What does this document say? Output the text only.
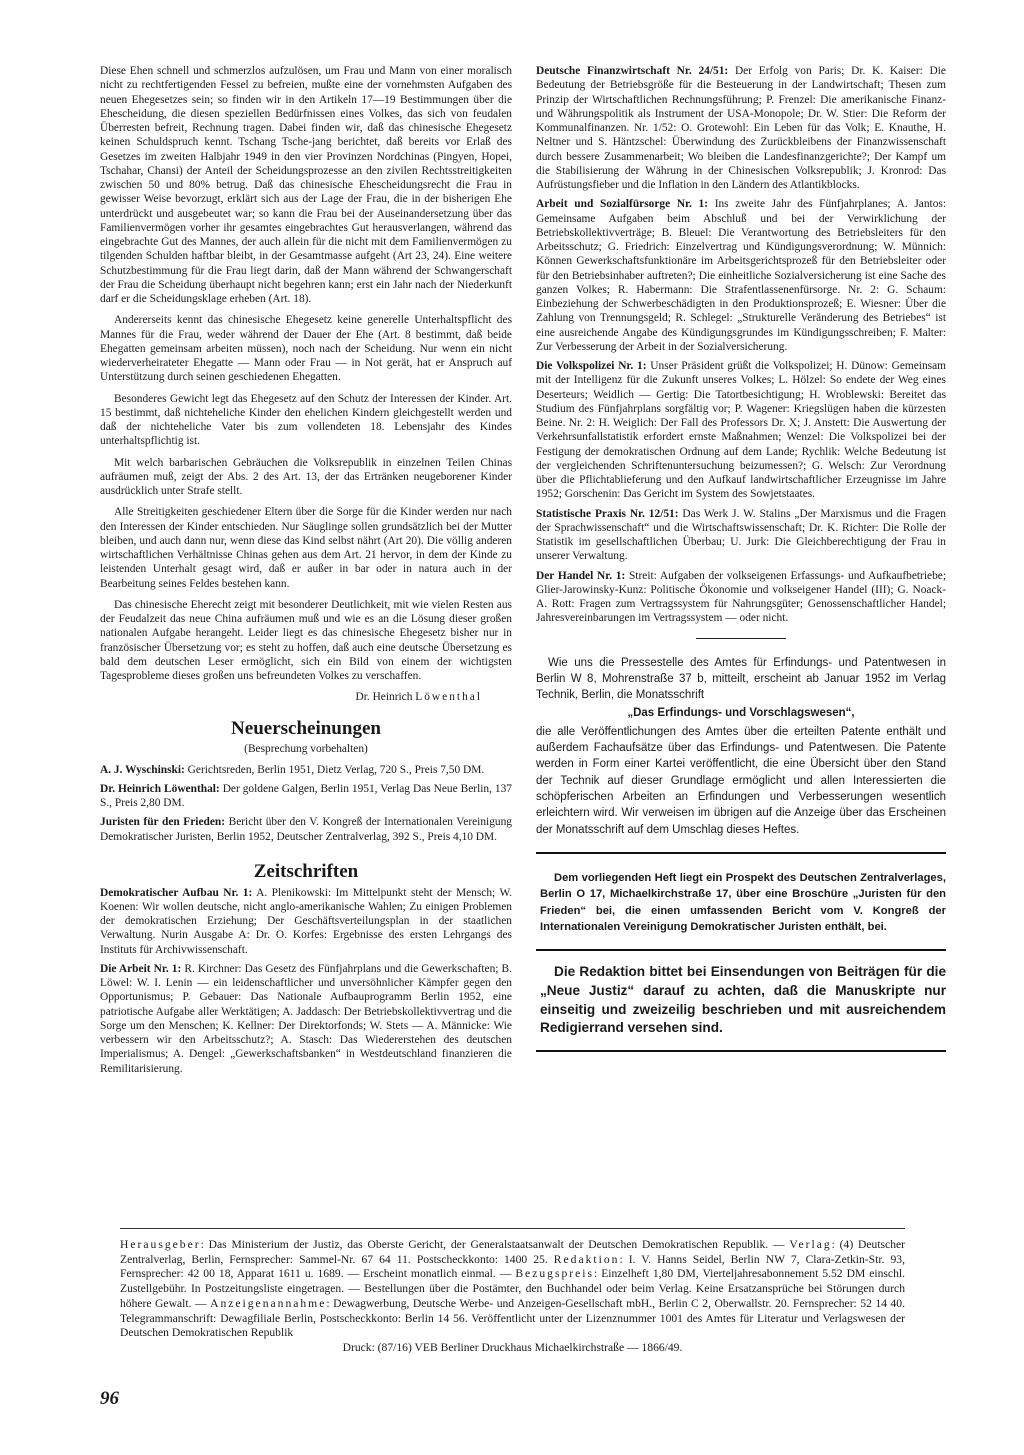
Diese Ehen schnell und schmerzlos aufzulösen, um Frau und Mann von einer moralisch nicht zu rechtfertigenden Fessel zu befreien, mußte eine der vornehmsten Aufgaben des neuen Ehegesetzes sein; so finden wir in den Artikeln 17—19 Bestimmungen über die Ehescheidung, die diesen speziellen Bedürfnissen eines Volkes, das sich von feudalen Überresten befreit, Rechnung tragen. Dabei finden wir, daß das chinesische Ehegesetz keinen Schuldspruch kennt. Tschang Tsche-jang berichtet, daß bereits vor Erlaß des Gesetzes im zweiten Halbjahr 1949 in den vier Provinzen Nordchinas (Pingyen, Hopei, Tschahar, Chansi) der Anteil der Scheidungsprozesse an den zivilen Rechtsstreitigkeiten zwischen 50 und 80% betrug. Daß das chinesische Ehescheidungsrecht die Frau in gewisser Weise bevorzugt, erklärt sich aus der Lage der Frau, die in der bisherigen Ehe unterdrückt und ausgebeutet war; so kann die Frau bei der Auseinandersetzung über das Familienvermögen vorher ihr gesamtes eingebrachtes Gut herausverlangen, während das eingebrachte Gut des Mannes, der auch allein für die nicht mit dem Familienvermögen zu tilgenden Schulden haftbar bleibt, in der Gesamtmasse aufgeht (Art 23, 24). Eine weitere Schutzbestimmung für die Frau liegt darin, daß der Mann während der Schwangerschaft der Frau die Scheidung überhaupt nicht begehren kann; erst ein Jahr nach der Niederkunft darf er die Scheidungsklage erheben (Art. 18).

Andererseits kennt das chinesische Ehegesetz keine generelle Unterhaltspflicht des Mannes für die Frau, weder während der Dauer der Ehe (Art. 8 bestimmt, daß beide Ehegatten gemeinsam arbeiten müssen), noch nach der Scheidung. Nur wenn ein nicht wiederverheirateter Ehegatte — Mann oder Frau — in Not gerät, hat er Anspruch auf Unterstützung durch seinen geschiedenen Ehegatten.

Besonderes Gewicht legt das Ehegesetz auf den Schutz der Interessen der Kinder. Art. 15 bestimmt, daß nichteheliche Kinder den ehelichen Kindern gleichgestellt werden und daß der nichteheliche Vater bis zum vollendeten 18. Lebensjahr des Kindes unterhaltspflichtig ist.

Mit welch barbarischen Gebräuchen die Volksrepublik in einzelnen Teilen Chinas aufräumen muß, zeigt der Abs. 2 des Art. 13, der das Ertränken neugeborener Kinder ausdrücklich unter Strafe stellt.

Alle Streitigkeiten geschiedener Eltern über die Sorge für die Kinder werden nur nach den Interessen der Kinder entschieden. Nur Säuglinge sollen grundsätzlich bei der Mutter bleiben, und auch dann nur, wenn diese das Kind selbst nährt (Art 20). Die völlig anderen wirtschaftlichen Verhältnisse Chinas gehen aus dem Art. 21 hervor, in dem der Kinde zu leistenden Unterhalt gesagt wird, daß er außer in bar oder in natura auch in der Bearbeitung seines Feldes bestehen kann.

Das chinesische Eherecht zeigt mit besonderer Deutlichkeit, mit wie vielen Resten aus der Feudalzeit das neue China aufräumen muß und wie es an die Lösung dieser großen nationalen Aufgabe herangeht. Leider liegt es das chinesische Ehegesetz bisher nur in französischer Übersetzung vor; es steht zu hoffen, daß auch eine deutsche Übersetzung es bald dem deutschen Leser ermöglicht, sich ein Bild von einem der wichtigsten Tagesprobleme dieses großen uns befreundeten Volkes zu verschaffen.

Dr. Heinrich Löwenthal
Neuerscheinungen
(Besprechung vorbehalten)
A. J. Wyschinski: Gerichtsreden, Berlin 1951, Dietz Verlag, 720 S., Preis 7,50 DM.
Dr. Heinrich Löwenthal: Der goldene Galgen, Berlin 1951, Verlag Das Neue Berlin, 137 S., Preis 2,80 DM.
Juristen für den Frieden: Bericht über den V. Kongreß der Internationalen Vereinigung Demokratischer Juristen, Berlin 1952, Deutscher Zentralverlag, 392 S., Preis 4,10 DM.
Zeitschriften
Demokratischer Aufbau Nr. 1: A. Plenikowski: Im Mittelpunkt steht der Mensch; W. Koenen: Wir wollen deutsche, nicht anglo-amerikanische Wahlen; Zu einigen Problemen der demokratischen Erziehung; Der Geschäftsverteilungsplan in der staatlichen Verwaltung. Nurin Ausgabe A: Dr. O. Korfes: Ergebnisse des ersten Lehrgangs des Instituts für Archivwissenschaft.
Die Arbeit Nr. 1: R. Kirchner: Das Gesetz des Fünfjahrplans und die Gewerkschaften; B. Löwel: W. I. Lenin — ein leidenschaftlicher und unversöhnlicher Kämpfer gegen den Opportunismus; P. Gebauer: Das Nationale Aufbauprogramm Berlin 1952, eine patriotische Aufgabe aller Werktätigen; A. Jaddasch: Der Betriebskollektivvertrag und die Sorge um den Menschen; K. Kellner: Der Direktorfonds; W. Stets — A. Männicke: Wie verbessern wir den Arbeitsschutz?; A. Stasch: Das Wiedererstehen des deutschen Imperialismus; A. Dengel: „Gewerkschaftsbanken“ in Westdeutschland finanzieren die Remilitarisierung.
Deutsche Finanzwirtschaft Nr. 24/51: Der Erfolg von Paris; Dr. K. Kaiser: Die Bedeutung der Betriebsgröße für die Besteuerung in der Landwirtschaft; Thesen zum Prinzip der Wirtschaftlichen Rechnungsführung; P. Frenzel: Die amerikanische Finanz- und Währungspolitik als Instrument der USA-Monopole; Dr. W. Stier: Die Reform der Kommunalfinanzen. Nr. 1/52: O. Grotewohl: Ein Leben für das Volk; E. Knauthe, H. Neltner und S. Häntzschel: Überwindung des Zurückbleibens der Finanzwissenschaft durch bessere Zusammenarbeit; Wo bleiben die Landesfinanzgerichte?; Der Kampf um die Stabilisierung der Währung in der Chinesischen Volksrepublik; J. Kronrod: Das Aufrüstungsfieber und die Inflation in den Ländern des Atlantikblocks.
Arbeit und Sozialfürsorge Nr. 1: Ins zweite Jahr des Fünfjahrplanes; A. Jantos: Gemeinsame Aufgaben beim Abschluß und bei der Verwirklichung der Betriebskollektivverträge; B. Bleuel: Die Verantwortung des Betriebsleiters für den Arbeitsschutz; G. Friedrich: Einzelvertrag und Kündigungsverordnung; W. Münnich: Können Gewerkschaftsfunktionäre im Arbeitsgerichtsprozeß für den Betriebsleiter oder für den Betriebsinhaber auftreten?; Die einheitliche Sozialversicherung ist eine Sache des ganzen Volkes; R. Habermann: Die Strafentlassenenfürsorge. Nr. 2: G. Schaum: Einbeziehung der Schwerbeschädigten in den Produktionsprozeß; E. Wiesner: Über die Zahlung von Trennungsgeld; R. Schlegel: „Strukturelle Veränderung des Betriebes“ ist eine ausreichende Angabe des Kündigungsgrundes im Kündigungsschreiben; F. Malter: Zur Verbesserung der Arbeit in der Sozialversicherung.
Die Volkspolizei Nr. 1: Unser Präsident grüßt die Volkspolizei; H. Dünow: Gemeinsam mit der Intelligenz für die Zukunft unseres Volkes; L. Hölzel: So endete der Weg eines Deserteurs; Weidlich — Gertig: Die Tatortbesichtigung; H. Wroblewski: Bereitet das Studium des Fünfjahrplans sorgfältig vor; P. Wagener: Kriegslügen haben die kürzesten Beine. Nr. 2: H. Weiglich: Der Fall des Professors Dr. X; J. Anstett: Die Auswertung der Verkehrsunfallstatistik erfordert ernste Maßnahmen; Wenzel: Die Volkspolizei bei der Festigung der demokratischen Ordnung auf dem Lande; Rychlik: Welche Bedeutung ist der vergleichenden Schriftenuntersuchung beizumessen?; G. Welsch: Zur Verordnung über die Pflichtablieferung und den Aufkauf landwirtschaftlicher Erzeugnisse im Jahre 1952; Gorschenin: Das Gericht im System des Sowjetstaates.
Statistische Praxis Nr. 12/51: Das Werk J. W. Stalins „Der Marxismus und die Fragen der Sprachwissenschaft“ und die Wirtschaftswissenschaft; Dr. K. Richter: Die Rolle der Statistik im gesellschaftlichen Überbau; U. Jurk: Die Gleichberechtigung der Frau in unserer Verwaltung.
Der Handel Nr. 1: Streit: Aufgaben der volkseigenen Erfassungs- und Aufkaufbetriebe; Glier-Jarowinsky-Kunz: Politische Ökonomie und volkseigener Handel (III); G. Noack-A. Rott: Fragen zum Vertragssystem für Nahrungsgüter; Genossenschaftlicher Handel; Jahresvereinbarungen im Vertragssystem — oder nicht.

Wie uns die Pressestelle des Amtes für Erfindungs- und Patentwesen in Berlin W 8, Mohrenstraße 37 b, mitteilt, erscheint ab Januar 1952 im Verlag Technik, Berlin, die Monatsschrift

„Das Erfindungs- und Vorschlagswesen“,

die alle Veröffentlichungen des Amtes über die erteilten Patente enthält und außerdem Fachaufsätze über das Erfindungs- und Patentwesen. Die Patente werden in Form einer Kartei veröffentlicht, die eine Übersicht über den Stand der Technik auf dieser Grundlage ermöglicht und allen Interessierten die schöpferischen Arbeiten an Erfindungen und Verbesserungen wesentlich erleichtern wird. Wir verweisen im übrigen auf die Anzeige über das Erscheinen der Monatsschrift auf dem Umschlag dieses Heftes.

Dem vorliegenden Heft liegt ein Prospekt des Deutschen Zentralverlages, Berlin O 17, Michaelkirchstraße 17, über eine Broschüre „Juristen für den Frieden“ bei, die einen umfassenden Bericht vom V. Kongreß der Internationalen Vereinigung Demokratischer Juristen enthält, bei.

Die Redaktion bittet bei Einsendungen von Beiträgen für die „Neue Justiz“ darauf zu achten, daß die Manuskripte nur einseitig und zweizeilig beschrieben und mit ausreichendem Redigierrand versehen sind.

Herausgeber: Das Ministerium der Justiz, das Oberste Gericht, der Generalstaatsanwalt der Deutschen Demokratischen Republik. — Verlag: (4) Deutscher Zentralverlag, Berlin, Fernsprecher: Sammel-Nr. 67 64 11. Postscheckkonto: 1400 25. Redaktion: I. V. Hanns Seidel, Berlin NW 7, Clara-Zetkin-Str. 93, Fernsprecher: 42 00 18, Apparat 1611 u. 1689. — Erscheint monatlich einmal. — Bezugspreis: Einzelheft 1,80 DM, Vierteljahresabonnement 5.52 DM einschl. Zustellgebühr. In Postzeitungsliste eingetragen. — Bestellungen über die Postämter, den Buchhandel oder beim Verlag. Keine Ersatzansprüche bei Störungen durch höhere Gewalt. — Anzeigenannahme: Dewagwerbung, Deutsche Werbe- und Anzeigen-Gesellschaft mbH., Berlin C 2, Oberwallstr. 20. Fernsprecher: 52 14 40. Telegrammanschrift: Dewagfiliale Berlin, Postscheckkonto: Berlin 14 56. Veröffentlicht unter der Lizenznummer 1001 des Amtes für Literatur und Verlagswesen der Deutschen Demokratischen Republik
Druck: (87/16) VEB Berliner Druckhaus Michaelkirchstraße — 1866/49.
96
